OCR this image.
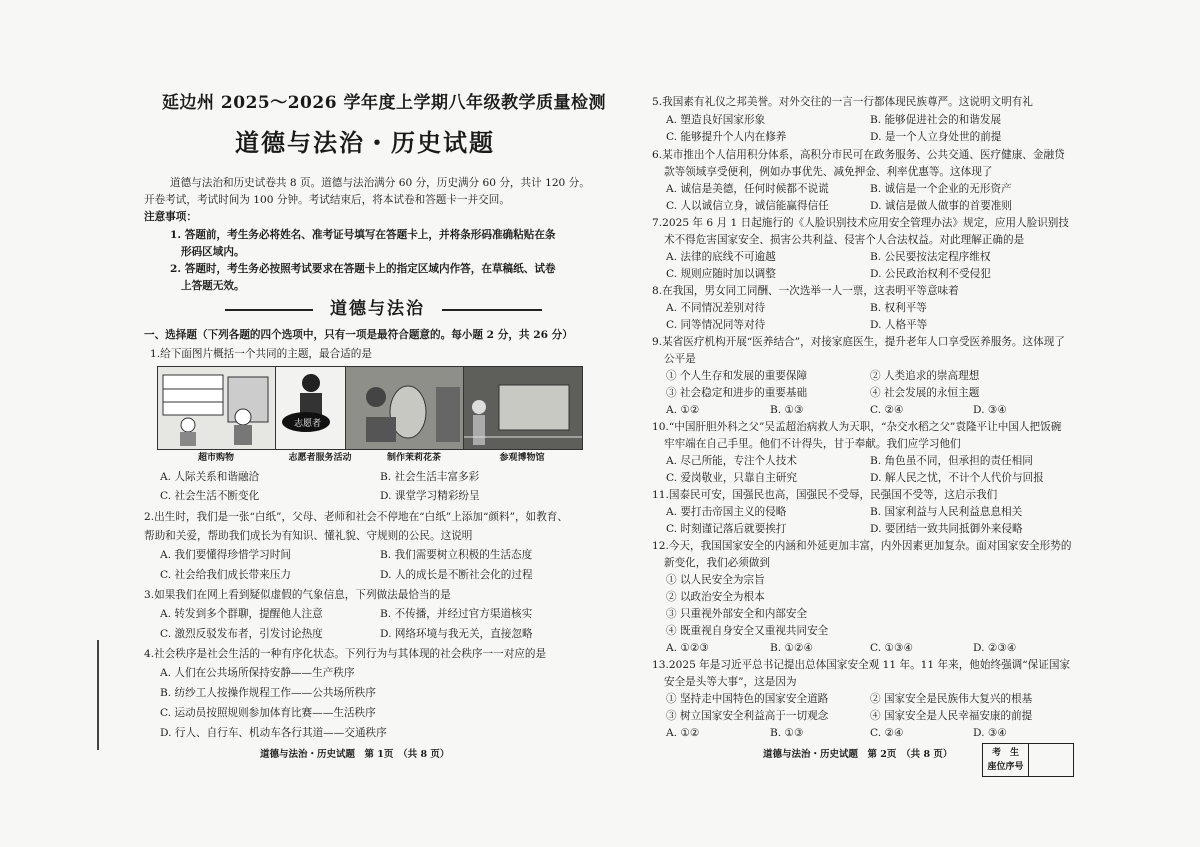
延边州 2025～2026 学年度上学期八年级教学质量检测
道德与法治・历史试题
道德与法治和历史试卷共 8 页。道德与法治满分 60 分，历史满分 60 分，共计 120 分。
开卷考试，考试时间为 100 分钟。考试结束后，将本试卷和答题卡一并交回。
注意事项：
1. 答题前，考生务必将姓名、准考证号填写在答题卡上，并将条形码准确粘贴在条
形码区域内。
2. 答题时，考生务必按照考试要求在答题卡上的指定区域内作答，在草稿纸、试卷
上答题无效。
道德与法治
一、选择题（下列各题的四个选项中，只有一项是最符合题意的。每小题 2 分，共 26 分）
1.给下面图片概括一个共同的主题，最合适的是
志愿者
超市购物	志愿者服务活动	制作茉莉花茶	参观博物馆
A. 人际关系和谐融洽	B. 社会生活丰富多彩
C. 社会生活不断变化	D. 课堂学习精彩纷呈
2.出生时，我们是一张“白纸”，父母、老师和社会不停地在“白纸”上添加“颜料”，如教育、
帮助和关爱，帮助我们成长为有知识、懂礼貌、守规则的公民。这说明
A. 我们要懂得珍惜学习时间	B. 我们需要树立积极的生活态度
C. 社会给我们成长带来压力	D. 人的成长是不断社会化的过程
3.如果我们在网上看到疑似虚假的气象信息，下列做法最恰当的是
A. 转发到多个群聊，提醒他人注意	B. 不传播，并经过官方渠道核实
C. 激烈反驳发布者，引发讨论热度	D. 网络环境与我无关，直接忽略
4.社会秩序是社会生活的一种有序化状态。下列行为与其体现的社会秩序一一对应的是
A. 人们在公共场所保持安静——生产秩序
B. 纺纱工人按操作规程工作——公共场所秩序
C. 运动员按照规则参加体育比赛——生活秩序
D. 行人、自行车、机动车各行其道——交通秩序
道德与法治・历史试题　第 1页　（共 8 页）
5.我国素有礼仪之邦美誉。对外交往的一言一行都体现民族尊严。这说明文明有礼
A. 塑造良好国家形象	B. 能够促进社会的和谐发展
C. 能够提升个人内在修养	D. 是一个人立身处世的前提
6.某市推出个人信用积分体系，高积分市民可在政务服务、公共交通、医疗健康、金融贷
款等领域享受便利，例如办事优先、减免押金、利率优惠等。这体现了
A. 诚信是美德，任何时候都不说谎	B. 诚信是一个企业的无形资产
C. 人以诚信立身，诚信能赢得信任	D. 诚信是做人做事的首要准则
7.2025 年 6 月 1 日起施行的《人脸识别技术应用安全管理办法》规定，应用人脸识别技
术不得危害国家安全、损害公共利益、侵害个人合法权益。对此理解正确的是
A. 法律的底线不可逾越	B. 公民要按法定程序维权
C. 规则应随时加以调整	D. 公民政治权利不受侵犯
8.在我国，男女同工同酬、一次选举一人一票，这表明平等意味着
A. 不同情况差别对待	B. 权利平等
C. 同等情况同等对待	D. 人格平等
9.某省医疗机构开展“医养结合”，对接家庭医生，提升老年人口享受医养服务。这体现了
公平是
① 个人生存和发展的重要保障	② 人类追求的崇高理想
③ 社会稳定和进步的重要基础	④ 社会发展的永恒主题
A. ①②	B. ①③	C. ②④	D. ③④
10.“中国肝胆外科之父”吴孟超治病救人为天职，“杂交水稻之父”袁隆平让中国人把饭碗
牢牢端在自己手里。他们不计得失，甘于奉献。我们应学习他们
A. 尽己所能，专注个人技术	B. 角色虽不同，但承担的责任相同
C. 爱岗敬业，只靠自主研究	D. 解人民之忧，不计个人代价与回报
11.国泰民可安，国强民也高，国强民不受辱，民强国不受等，这启示我们
A. 要打击帝国主义的侵略	B. 国家利益与人民利益息息相关
C. 时刻谨记落后就要挨打	D. 要团结一致共同抵御外来侵略
12.今天，我国国家安全的内涵和外延更加丰富，内外因素更加复杂。面对国家安全形势的
新变化，我们必须做到
① 以人民安全为宗旨
② 以政治安全为根本
③ 只重视外部安全和内部安全
④ 既重视自身安全又重视共同安全
A. ①②③	B. ①②④	C. ①③④	D. ②③④
13.2025 年是习近平总书记提出总体国家安全观 11 年。11 年来，他始终强调“保证国家
安全是头等大事”，这是因为
① 坚持走中国特色的国家安全道路	② 国家安全是民族伟大复兴的根基
③ 树立国家安全利益高于一切观念	④ 国家安全是人民幸福安康的前提
A. ①②	B. ①③	C. ②④	D. ③④
道德与法治・历史试题　第 2页　（共 8 页）	考　生
座位序号
